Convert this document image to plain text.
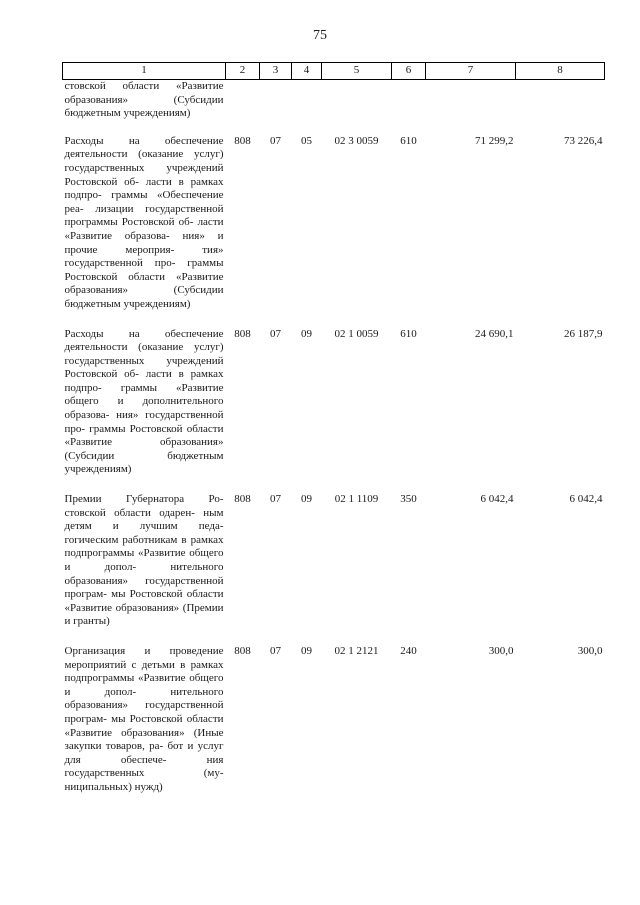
75
1	2	3	4	5	6	7	8
стовской области «Развитие образования» (Субсидии бюджетным учреждениям)							
Расходы на обеспечение деятельности (оказание услуг) государственных учреждений Ростовской об- ласти в рамках подпро- граммы «Обеспечение реа- лизации государственной программы Ростовской об- ласти «Развитие образова- ния» и прочие мероприя- тия» государственной про- граммы Ростовской области «Развитие образования» (Субсидии бюджетным учреждениям)	808	07	05	02 3 0059	610	71 299,2	73 226,4
Расходы на обеспечение деятельности (оказание услуг) государственных учреждений Ростовской об- ласти в рамках подпро- граммы «Развитие общего и дополнительного образова- ния» государственной про- граммы Ростовской области «Развитие образования» (Субсидии бюджетным учреждениям)	808	07	09	02 1 0059	610	24 690,1	26 187,9
Премии Губернатора Ро- стовской области одарен- ным детям и лучшим педа- гогическим работникам в рамках подпрограммы «Развитие общего и допол- нительного образования» государственной програм- мы Ростовской области «Развитие образования» (Премии и гранты)	808	07	09	02 1 1109	350	6 042,4	6 042,4
Организация и проведение мероприятий с детьми в рамках подпрограммы «Развитие общего и допол- нительного образования» государственной програм- мы Ростовской области «Развитие образования» (Иные закупки товаров, ра- бот и услуг для обеспече- ния государственных (му- ниципальных) нужд)	808	07	09	02 1 2121	240	300,0	300,0
